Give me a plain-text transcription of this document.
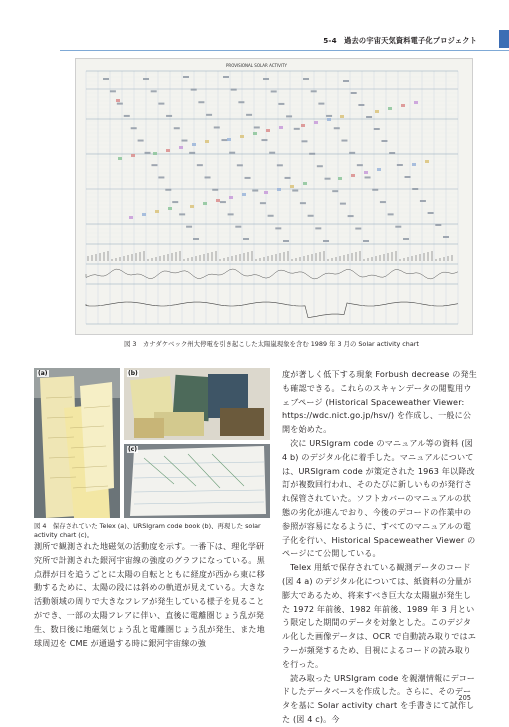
5-4　過去の宇宙天気資料電子化プロジェクト
PROVISIONAL SOLAR ACTIVITY
図 3　カナダケベック州大停電を引き起こした太陽嵐現象を含む 1989 年 3 月の Solar activity chart
(a)	(b)
(c)
図 4　保存されていた Telex (a)、URSIgram code book (b)、再現した solar activity chart (c)。

測所で観測された地磁気の活動度を示す。一番下は、理化学研究所で計測された銀河宇宙線の強度のグラフになっている。黒点群が日を追うごとに太陽の自転とともに経度が西から東に移動するために、太陽の段には斜めの軌道が見えている。大きな活動領域の周りで大きなフレアが発生している様子を見ることができ、一部の太陽フレアに伴い、直後に電離圏じょう乱が発生、数日後に地磁気じょう乱と電離圏じょう乱が発生、また地球周辺を CME が通過する時に銀河宇宙線の強

度が著しく低下する現象 Forbush decrease の発生も確認できる。これらのスキャンデータの閲覧用ウェブページ (Historical Spaceweather Viewer: https://wdc.nict.go.jp/hsv/) を作成し、一般に公開を始めた。

次に URSIgram code のマニュアル等の資料 (図 4 b) のデジタル化に着手した。マニュアルについては、URSIgram code が策定された 1963 年以降改訂が複数回行われ、そのたびに新しいものが発行され保管されていた。ソフトカバーのマニュアルの状態の劣化が進んでおり、今後のデコードの作業中の参照が容易になるように、すべてのマニュアルの電子化を行い、Historical Spaceweather Viewer のページにて公開している。

Telex 用紙で保存されている観測データのコード (図 4 a) のデジタル化については、紙資料の分量が膨大であるため、将来すべき巨大な太陽嵐が発生した 1972 年前後、1982 年前後、1989 年 3 月という限定した期間のデータを対象とした。このデジタル化した画像データは、OCR で自動読み取りではエラーが頻発するため、目視によるコードの読み取りを行った。

読み取った URSIgram code を親潮情報にデコードしたデータベースを作成した。さらに、そのデータを基に Solar activity chart を手書きにて試作した (図 4 c)。今

205
